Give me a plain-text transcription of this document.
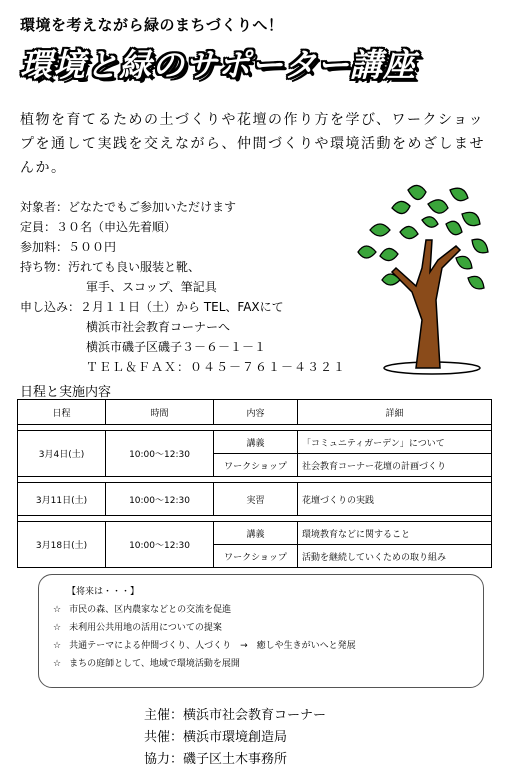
環境を考えながら緑のまちづくりへ！
環境と緑のサポーター講座
植物を育てるための土づくりや花壇の作り方を学び、ワークショップを通して実践を交えながら、仲間づくりや環境活動をめざしませんか。
対象者：どなたでもご参加いただけます
定員：３０名（申込先着順）
参加料：５００円
持ち物：汚れても良い服装と靴、
軍手、スコップ、筆記具
申し込み：２月１１日（土）から TEL、FAXにて
横浜市社会教育コーナーへ
横浜市磯子区磯子３－６－１－１
ＴＥＬ＆ＦＡＸ：０４５－７６１－４３２１
日程と実施内容
日程	時間	内容	詳細

3月4日(土)	10:00～12:30	講義	「コミュニティガーデン」について
		ワークショップ	社会教育コーナー花壇の計画づくり

3月11日(土)	10:00～12:30	実習	花壇づくりの実践

3月18日(土)	10:00～12:30	講義	環境教育などに関すること
		ワークショップ	活動を継続していくための取り組み
【将来は・・・】
☆ 市民の森、区内農家などとの交流を促進
☆ 未利用公共用地の活用についての提案
☆ 共通テーマによる仲間づくり、人づくり　→　癒しや生きがいへと発展
☆ まちの庭師として、地域で環境活動を展開
主催：横浜市社会教育コーナー
共催：横浜市環境創造局
協力：磯子区土木事務所
